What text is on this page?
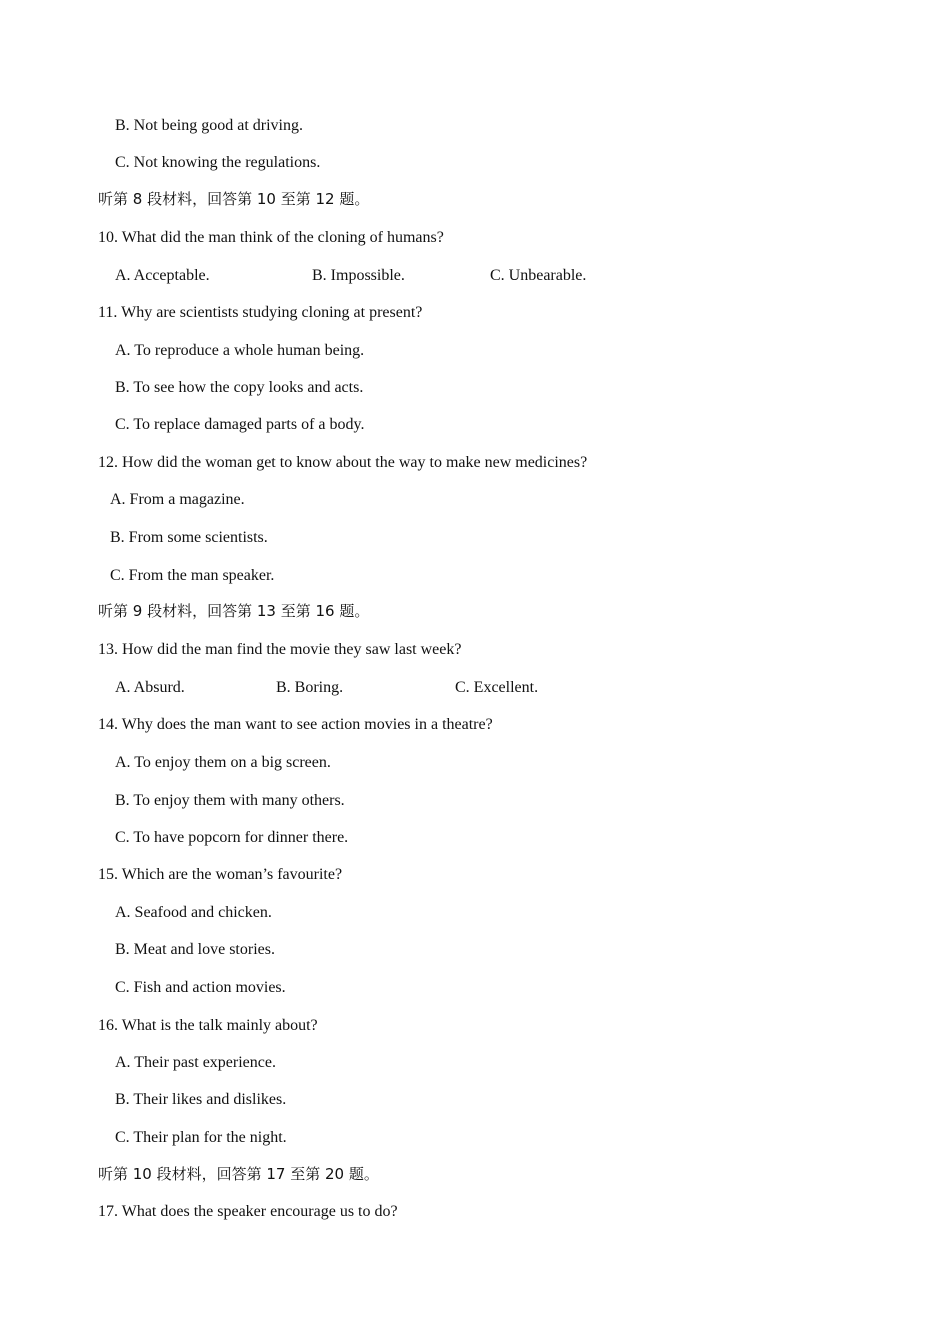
B. Not being good at driving.
C. Not knowing the regulations.
听第 8 段材料，回答第 10 至第 12 题。
10. What did the man think of the cloning of humans?
A. Acceptable.	B. Impossible.	C. Unbearable.
11. Why are scientists studying cloning at present?
A. To reproduce a whole human being.
B. To see how the copy looks and acts.
C. To replace damaged parts of a body.
12. How did the woman get to know about the way to make new medicines?
A. From a magazine.
B. From some scientists.
C. From the man speaker.
听第 9 段材料，回答第 13 至第 16 题。
13. How did the man find the movie they saw last week?
A. Absurd.	B. Boring.	C. Excellent.
14. Why does the man want to see action movies in a theatre?
A. To enjoy them on a big screen.
B. To enjoy them with many others.
C. To have popcorn for dinner there.
15. Which are the woman’s favourite?
A. Seafood and chicken.
B. Meat and love stories.
C. Fish and action movies.
16. What is the talk mainly about?
A. Their past experience.
B. Their likes and dislikes.
C. Their plan for the night.
听第 10 段材料，回答第 17 至第 20 题。
17. What does the speaker encourage us to do?
